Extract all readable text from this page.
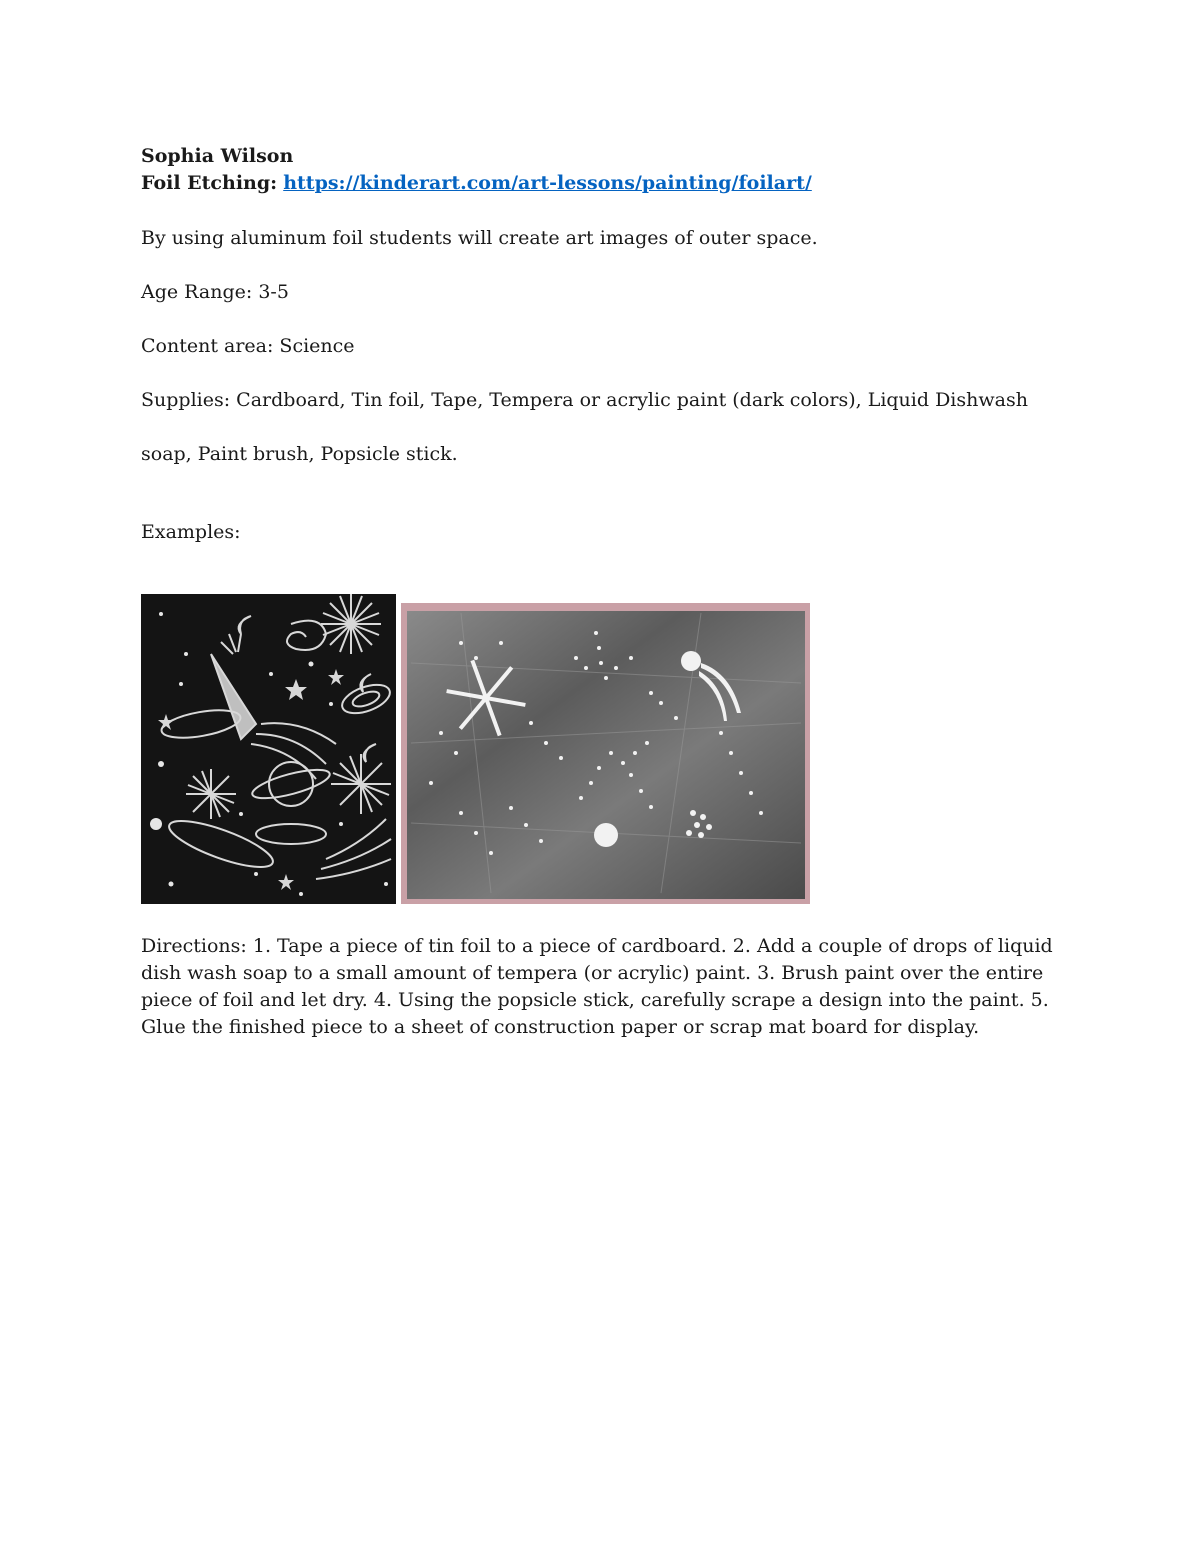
Sophia Wilson
Foil Etching: https://kinderart.com/art-lessons/painting/foilart/
By using aluminum foil students will create art images of outer space.
Age Range: 3-5
Content area: Science
Supplies: Cardboard, Tin foil, Tape, Tempera or acrylic paint (dark colors), Liquid Dishwash
soap, Paint brush, Popsicle stick.
Examples:
Directions: 1. Tape a piece of tin foil to a piece of cardboard. 2. Add a couple of drops of liquid dish wash soap to a small amount of tempera (or acrylic) paint. 3. Brush paint over the entire piece of foil and let dry. 4. Using the popsicle stick, carefully scrape a design into the paint. 5. Glue the finished piece to a sheet of construction paper or scrap mat board for display.
